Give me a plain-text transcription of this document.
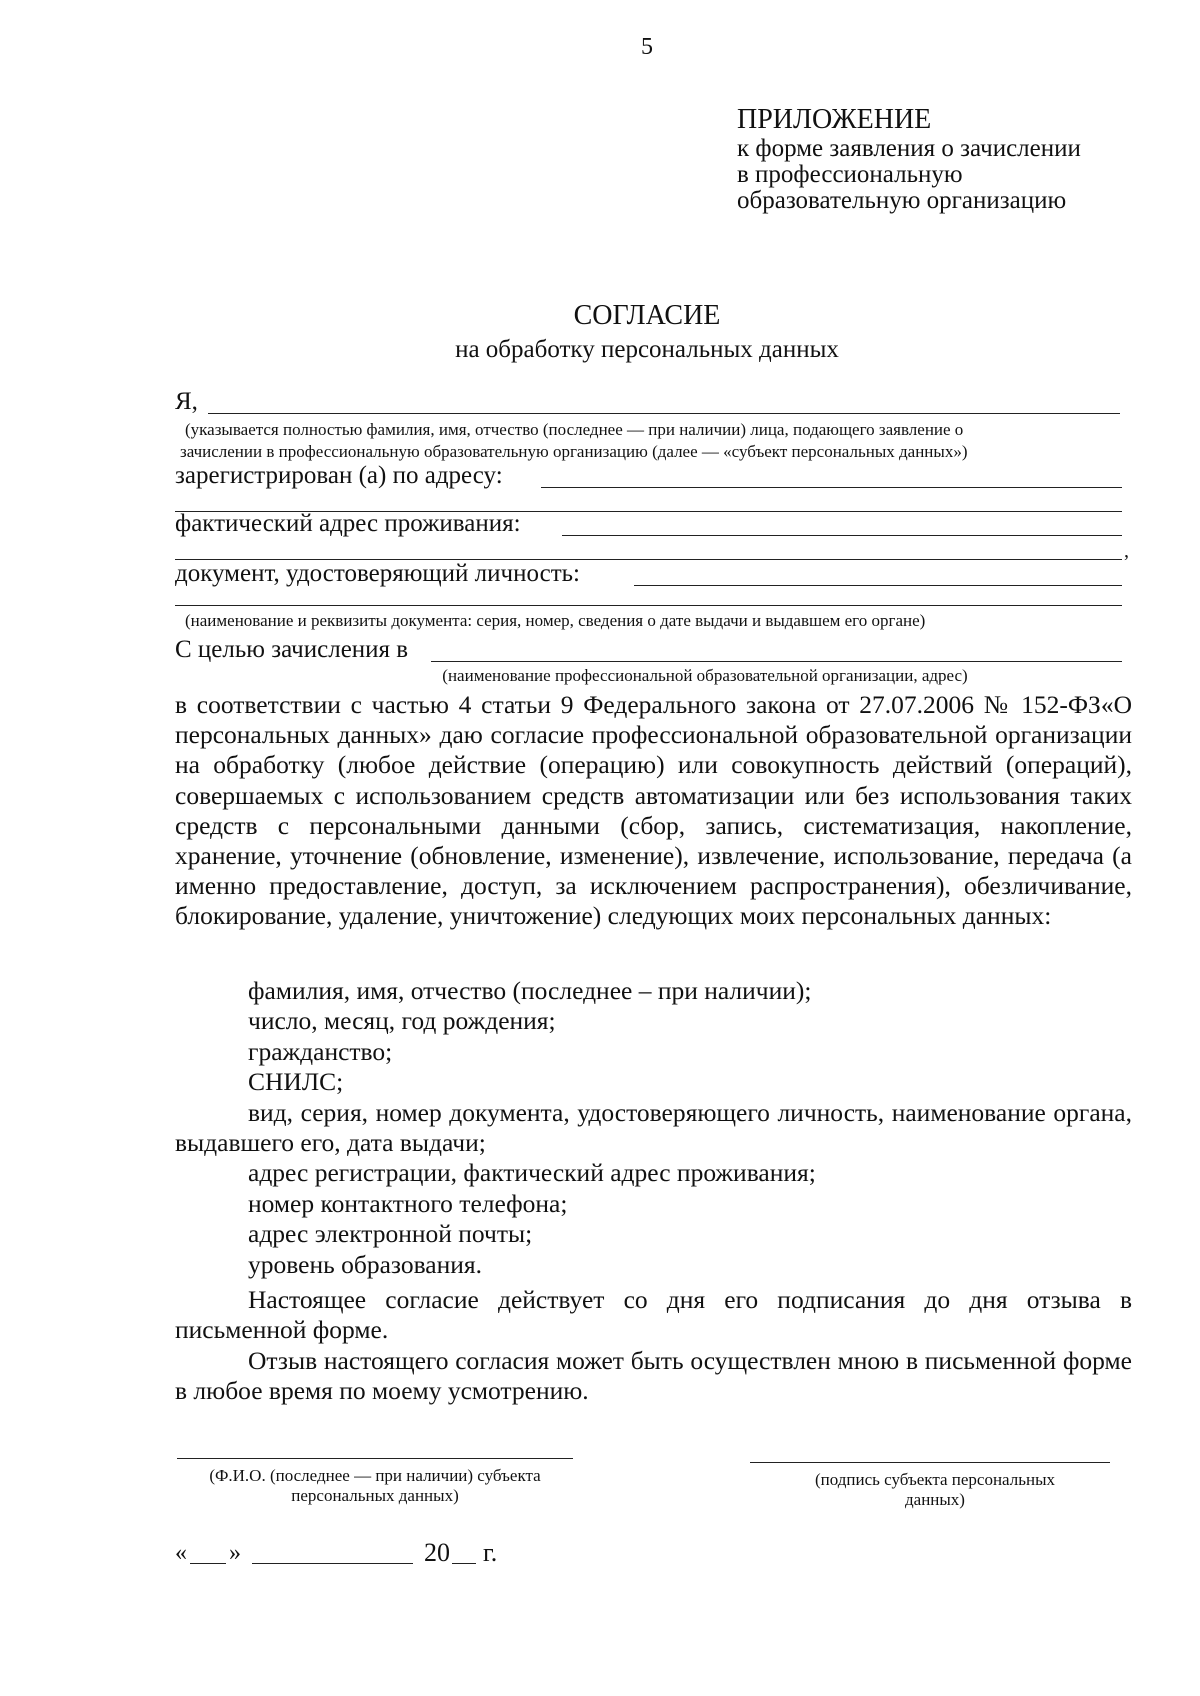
5
ПРИЛОЖЕНИЕ
к форме заявления о зачислении
в профессиональную
образовательную организацию
СОГЛАСИЕ
на обработку персональных данных
Я,
(указывается полностью фамилия, имя, отчество (последнее — при наличии) лица, подающего заявление о
зачислении в профессиональную образовательную организацию (далее — «субъект персональных данных»)
зарегистрирован (а) по адресу:
фактический адрес проживания:
,
документ, удостоверяющий личность:
(наименование и реквизиты документа: серия, номер, сведения о дате выдачи и выдавшем его органе)
С целью зачисления в
(наименование профессиональной образовательной организации, адрес)
в соответствии с частью 4 статьи 9 Федерального закона от 27.07.2006 № 152-ФЗ«О персональных данных» даю согласие профессиональной образовательной организации на обработку (любое действие (операцию) или совокупность действий (операций), совершаемых с использованием средств автоматизации или без использования таких средств с персональными данными (сбор, запись, систематизация, накопление, хранение, уточнение (обновление, изменение), извлечение, использование, передача (а именно предоставление, доступ, за исключением распространения), обезличивание, блокирование, удаление, уничтожение) следующих моих персональных данных:
фамилия, имя, отчество (последнее – при наличии);
число, месяц, год рождения;
гражданство;
СНИЛС;
вид, серия, номер документа, удостоверяющего личность, наименование органа, выдавшего его, дата выдачи;
адрес регистрации, фактический адрес проживания;
номер контактного телефона;
адрес электронной почты;
уровень образования.
Настоящее согласие действует со дня его подписания до дня отзыва в письменной форме.
Отзыв настоящего согласия может быть осуществлен мною в письменной форме в любое время по моему усмотрению.
(Ф.И.О. (последнее — при наличии) субъекта
персональных данных)
(подпись субъекта персональных
данных)
« »	20 г.
